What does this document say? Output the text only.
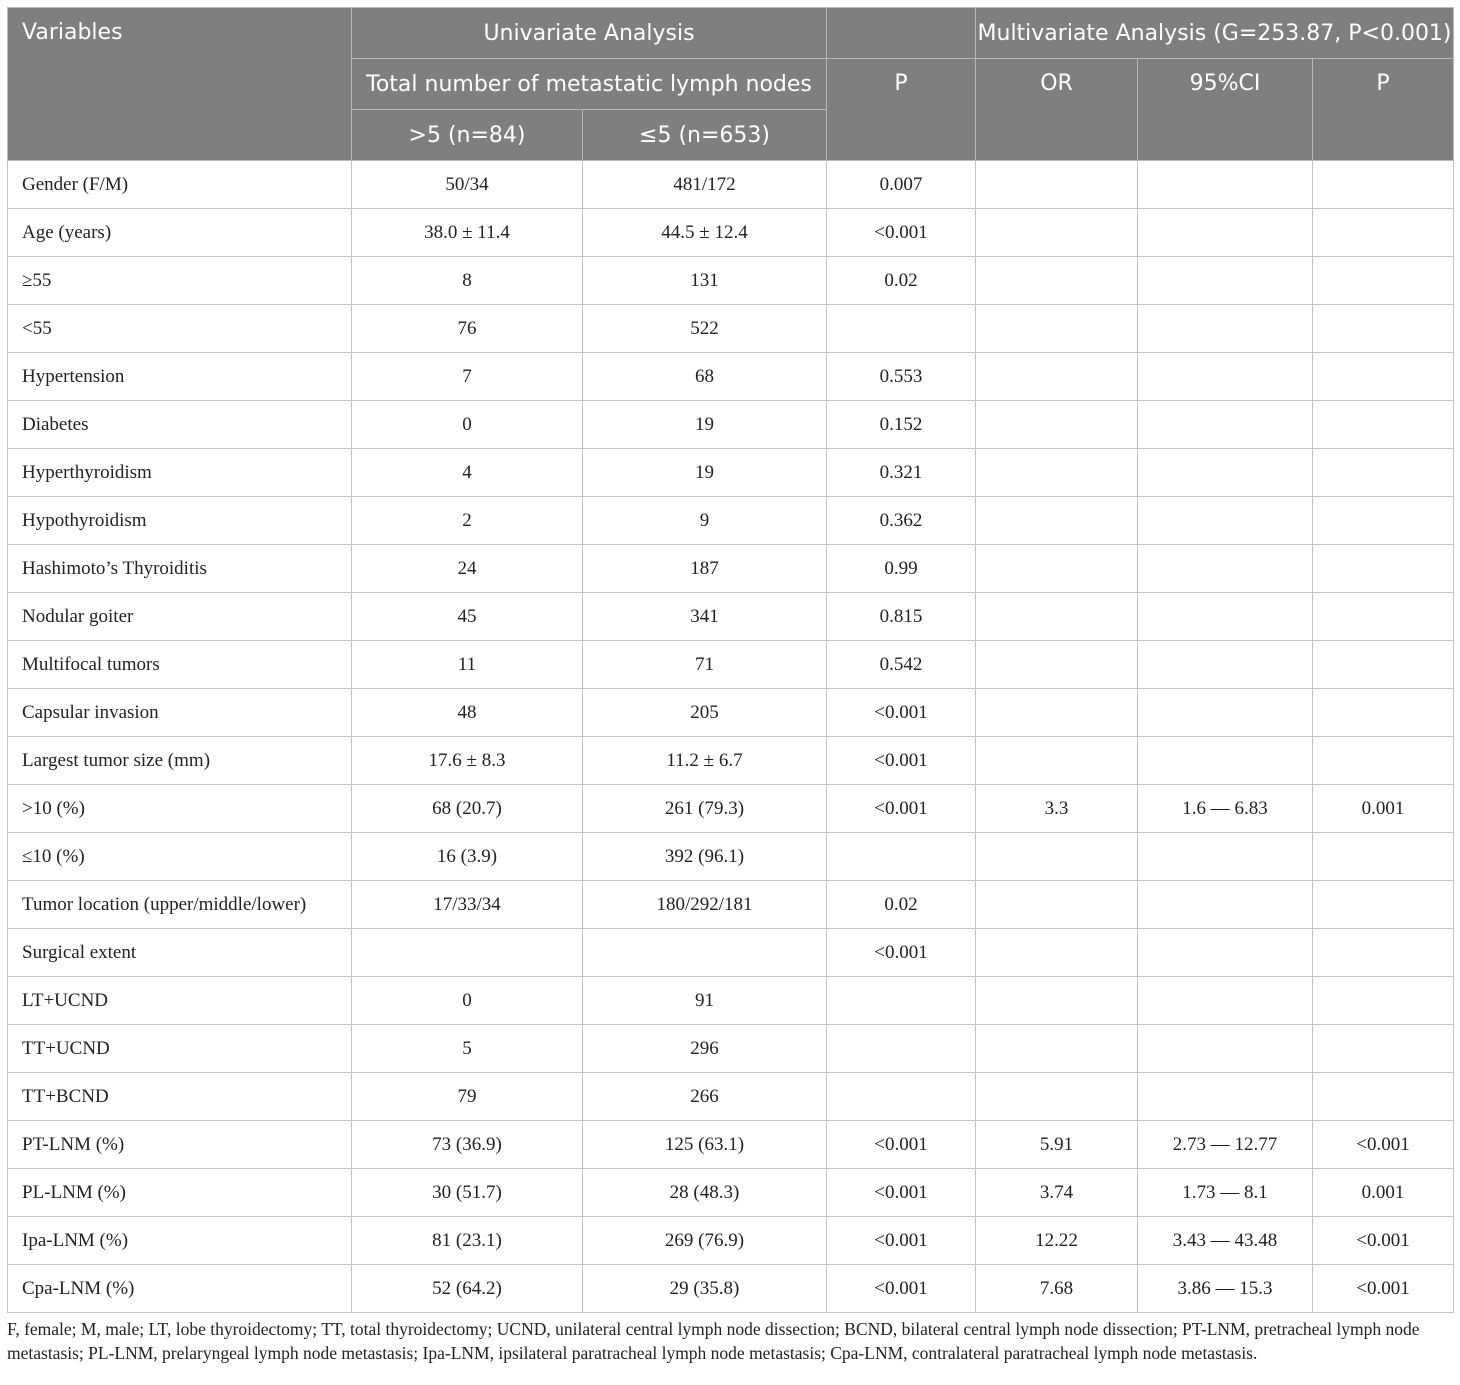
Variables	Univariate Analysis			Multivariate Analysis (G=253.87, P<0.001)		
	Total number of metastatic lymph nodes		P	OR	95%CI	P
	>5 (n=84)	≤5 (n=653)				
Gender (F/M)	50/34	481/172	0.007			
Age (years)	38.0 ± 11.4	44.5 ± 12.4	<0.001			
≥55	8	131	0.02			
<55	76	522				
Hypertension	7	68	0.553			
Diabetes	0	19	0.152			
Hyperthyroidism	4	19	0.321			
Hypothyroidism	2	9	0.362			
Hashimoto’s Thyroiditis	24	187	0.99			
Nodular goiter	45	341	0.815			
Multifocal tumors	11	71	0.542			
Capsular invasion	48	205	<0.001			
Largest tumor size (mm)	17.6 ± 8.3	11.2 ± 6.7	<0.001			
>10 (%)	68 (20.7)	261 (79.3)	<0.001	3.3	1.6 — 6.83	0.001
≤10 (%)	16 (3.9)	392 (96.1)				
Tumor location (upper/middle/lower)	17/33/34	180/292/181	0.02			
Surgical extent			<0.001			
LT+UCND	0	91				
TT+UCND	5	296				
TT+BCND	79	266				
PT-LNM (%)	73 (36.9)	125 (63.1)	<0.001	5.91	2.73 — 12.77	<0.001
PL-LNM (%)	30 (51.7)	28 (48.3)	<0.001	3.74	1.73 — 8.1	0.001
Ipa-LNM (%)	81 (23.1)	269 (76.9)	<0.001	12.22	3.43 — 43.48	<0.001
Cpa-LNM (%)	52 (64.2)	29 (35.8)	<0.001	7.68	3.86 — 15.3	<0.001
F, female; M, male; LT, lobe thyroidectomy; TT, total thyroidectomy; UCND, unilateral central lymph node dissection; BCND, bilateral central lymph node dissection; PT-LNM, pretracheal lymph node metastasis; PL-LNM, prelaryngeal lymph node metastasis; Ipa-LNM, ipsilateral paratracheal lymph node metastasis; Cpa-LNM, contralateral paratracheal lymph node metastasis.
